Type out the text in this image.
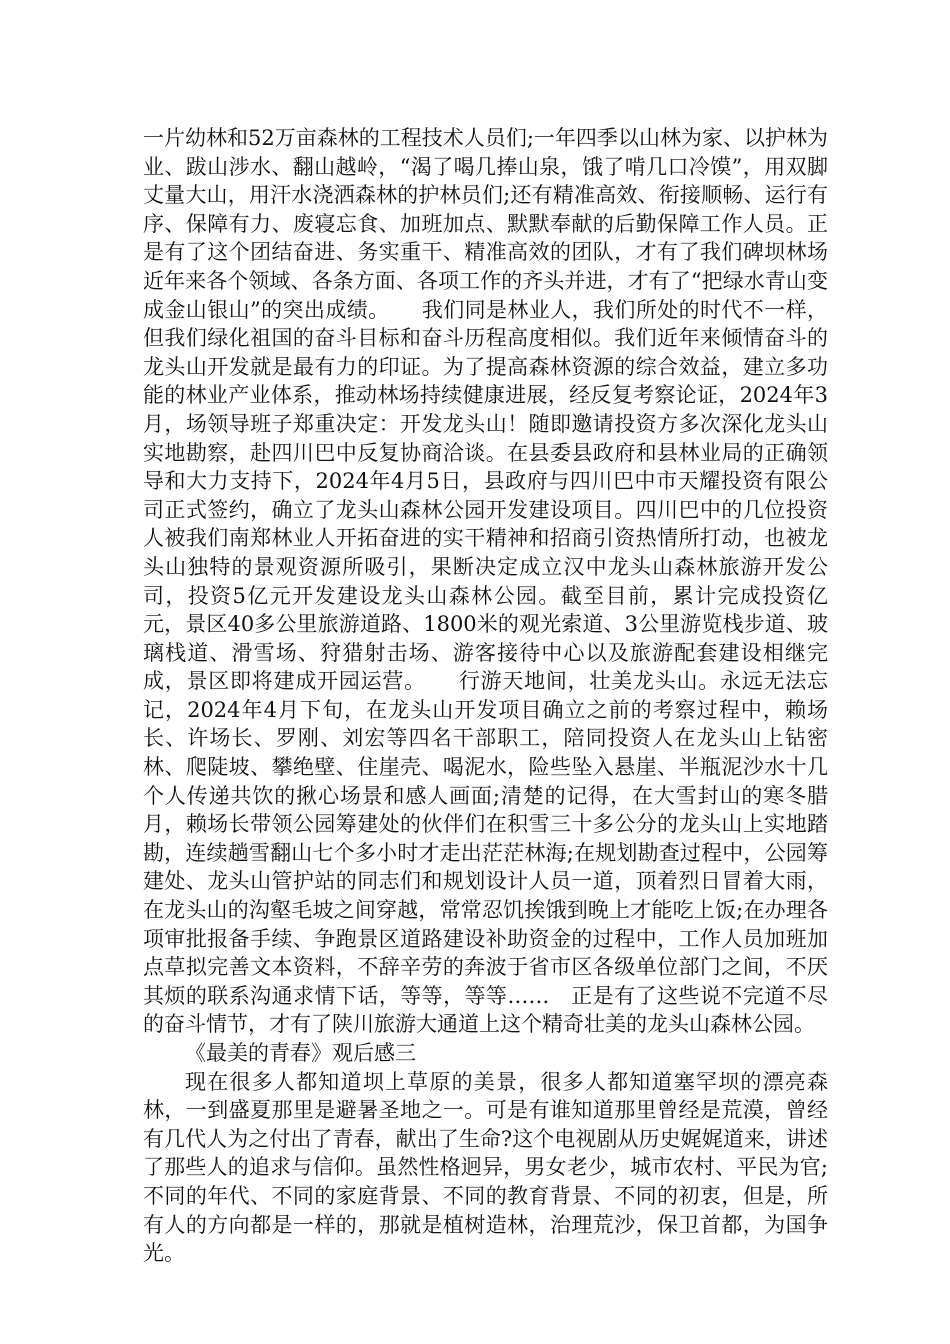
一片幼林和52万亩森林的工程技术人员们;一年四季以山林为家、以护林为业、跋山涉水、翻山越岭，“渴了喝几捧山泉，饿了啃几口冷馍”，用双脚丈量大山，用汗水浇洒森林的护林员们;还有精准高效、衔接顺畅、运行有序、保障有力、废寝忘食、加班加点、默默奉献的后勤保障工作人员。正是有了这个团结奋进、务实重干、精准高效的团队，才有了我们碑坝林场近年来各个领域、各条方面、各项工作的齐头并进，才有了“把绿水青山变成金山银山”的突出成绩。　　我们同是林业人，我们所处的时代不一样，但我们绿化祖国的奋斗目标和奋斗历程高度相似。我们近年来倾情奋斗的龙头山开发就是最有力的印证。为了提高森林资源的综合效益，建立多功能的林业产业体系，推动林场持续健康进展，经反复考察论证，2024年3月，场领导班子郑重决定：开发龙头山！随即邀请投资方多次深化龙头山实地勘察，赴四川巴中反复协商洽谈。在县委县政府和县林业局的正确领导和大力支持下，2024年4月5日，县政府与四川巴中市天耀投资有限公司正式签约，确立了龙头山森林公园开发建设项目。四川巴中的几位投资人被我们南郑林业人开拓奋进的实干精神和招商引资热情所打动，也被龙头山独特的景观资源所吸引，果断决定成立汉中龙头山森林旅游开发公司，投资5亿元开发建设龙头山森林公园。截至目前，累计完成投资亿元，景区40多公里旅游道路、1800米的观光索道、3公里游览栈步道、玻璃栈道、滑雪场、狩猎射击场、游客接待中心以及旅游配套建设相继完成，景区即将建成开园运营。　　行游天地间，壮美龙头山。永远无法忘记，2024年4月下旬，在龙头山开发项目确立之前的考察过程中，赖场长、许场长、罗刚、刘宏等四名干部职工，陪同投资人在龙头山上钻密林、爬陡坡、攀绝壁、住崖壳、喝泥水，险些坠入悬崖、半瓶泥沙水十几个人传递共饮的揪心场景和感人画面;清楚的记得，在大雪封山的寒冬腊月，赖场长带领公园筹建处的伙伴们在积雪三十多公分的龙头山上实地踏勘，连续趟雪翻山七个多小时才走出茫茫林海;在规划勘查过程中，公园筹建处、龙头山管护站的同志们和规划设计人员一道，顶着烈日冒着大雨，在龙头山的沟壑毛坡之间穿越，常常忍饥挨饿到晚上才能吃上饭;在办理各项审批报备手续、争跑景区道路建设补助资金的过程中，工作人员加班加点草拟完善文本资料，不辞辛劳的奔波于省市区各级单位部门之间，不厌其烦的联系沟通求情下话，等等，等等……　正是有了这些说不完道不尽的奋斗情节，才有了陕川旅游大通道上这个精奇壮美的龙头山森林公园。

《最美的青春》观后感三

现在很多人都知道坝上草原的美景，很多人都知道塞罕坝的漂亮森林，一到盛夏那里是避暑圣地之一。可是有谁知道那里曾经是荒漠，曾经有几代人为之付出了青春，献出了生命?这个电视剧从历史娓娓道来，讲述了那些人的追求与信仰。虽然性格迥异，男女老少，城市农村、平民为官;不同的年代、不同的家庭背景、不同的教育背景、不同的初衷，但是，所有人的方向都是一样的，那就是植树造林，治理荒沙，保卫首都，为国争光。
